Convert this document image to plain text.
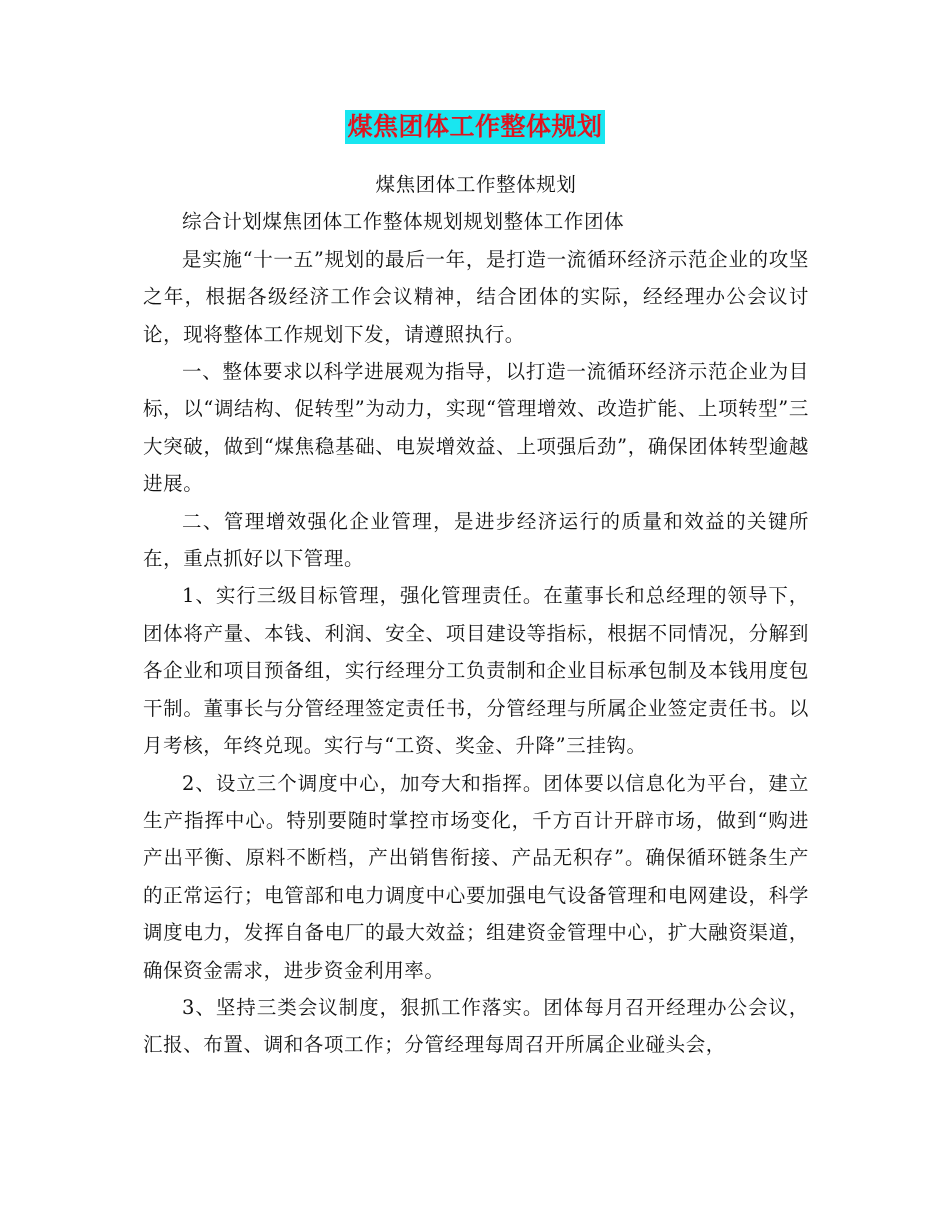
煤焦团体工作整体规划

煤焦团体工作整体规划

综合计划煤焦团体工作整体规划规划整体工作团体

是实施“十一五”规划的最后一年，是打造一流循环经济示范企业的攻坚之年，根据各级经济工作会议精神，结合团体的实际，经经理办公会议讨论，现将整体工作规划下发，请遵照执行。

一、整体要求以科学进展观为指导，以打造一流循环经济示范企业为目标，以“调结构、促转型”为动力，实现“管理增效、改造扩能、上项转型”三大突破，做到“煤焦稳基础、电炭增效益、上项强后劲”，确保团体转型逾越进展。

二、管理增效强化企业管理，是进步经济运行的质量和效益的关键所在，重点抓好以下管理。

1、实行三级目标管理，强化管理责任。在董事长和总经理的领导下，团体将产量、本钱、利润、安全、项目建设等指标，根据不同情况，分解到各企业和项目预备组，实行经理分工负责制和企业目标承包制及本钱用度包干制。董事长与分管经理签定责任书，分管经理与所属企业签定责任书。以月考核，年终兑现。实行与“工资、奖金、升降”三挂钩。

2、设立三个调度中心，加夸大和指挥。团体要以信息化为平台，建立生产指挥中心。特别要随时掌控市场变化，千方百计开辟市场，做到“购进产出平衡、原料不断档，产出销售衔接、产品无积存”。确保循环链条生产的正常运行；电管部和电力调度中心要加强电气设备管理和电网建设，科学调度电力，发挥自备电厂的最大效益；组建资金管理中心，扩大融资渠道，确保资金需求，进步资金利用率。

3、坚持三类会议制度，狠抓工作落实。团体每月召开经理办公会议，汇报、布置、调和各项工作；分管经理每周召开所属企业碰头会，
